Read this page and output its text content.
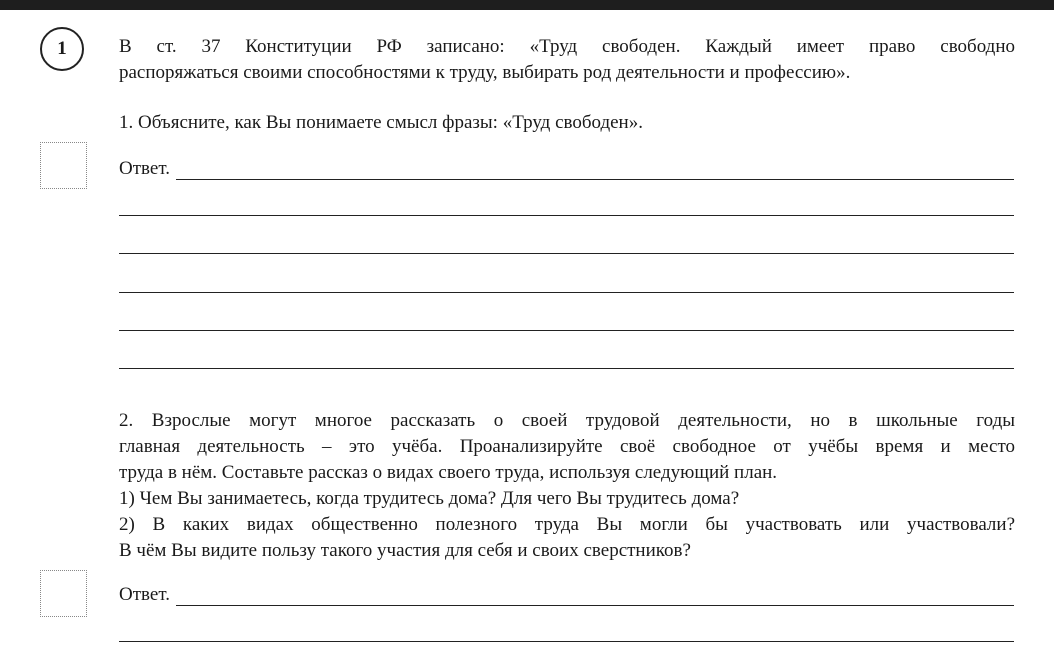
1	В ст. 37 Конституции РФ записано: «Труд свободен. Каждый имеет право свободно
распоряжаться своими способностями к труду, выбирать род деятельности и профессию».
1. Объясните, как Вы понимаете смысл фразы: «Труд свободен».
Ответ.
2. Взрослые могут многое рассказать о своей трудовой деятельности, но в школьные годы
главная деятельность – это учёба. Проанализируйте своё свободное от учёбы время и место
труда в нём. Составьте рассказ о видах своего труда, используя следующий план.
1) Чем Вы занимаетесь, когда трудитесь дома? Для чего Вы трудитесь дома?
2) В каких видах общественно полезного труда Вы могли бы участвовать или участвовали?
В чём Вы видите пользу такого участия для себя и своих сверстников?
Ответ.
